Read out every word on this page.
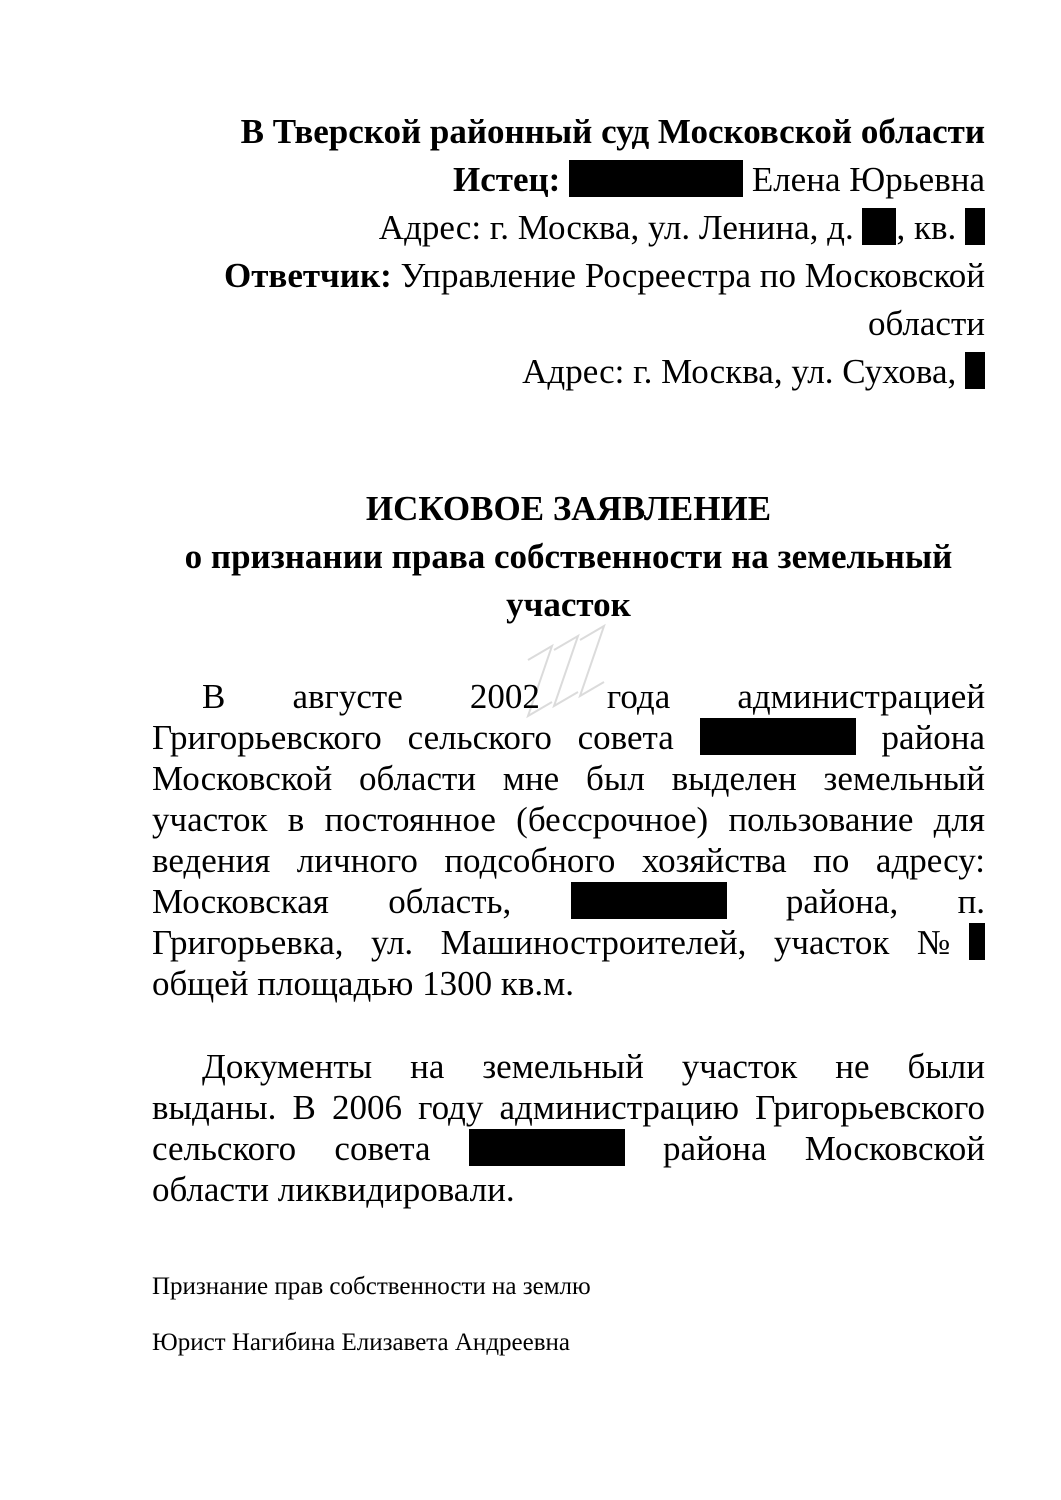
В Тверской районный суд Московской области
Истец:	Елена Юрьевна
Адрес: г. Москва, ул. Ленина, д. , кв.
Ответчик: Управление Росреестра по Московской
области
Адрес: г. Москва, ул. Сухова,
ИСКОВОЕ ЗАЯВЛЕНИЕ
о признании права собственности на земельный
участок
В августе 2002 года администрацией
Григорьевского сельского совета	района
Московской области мне был выделен земельный
участок в постоянное (бессрочное) пользование для
ведения личного подсобного хозяйства по адресу:
Московская область,	района, п.
Григорьевка, ул. Машиностроителей, участок №
общей площадью 1300 кв.м.
Документы на земельный участок не были
выданы. В 2006 году администрацию Григорьевского
сельского совета	района Московской
области ликвидировали.
Признание прав собственности на землю
Юрист Нагибина Елизавета Андреевна
